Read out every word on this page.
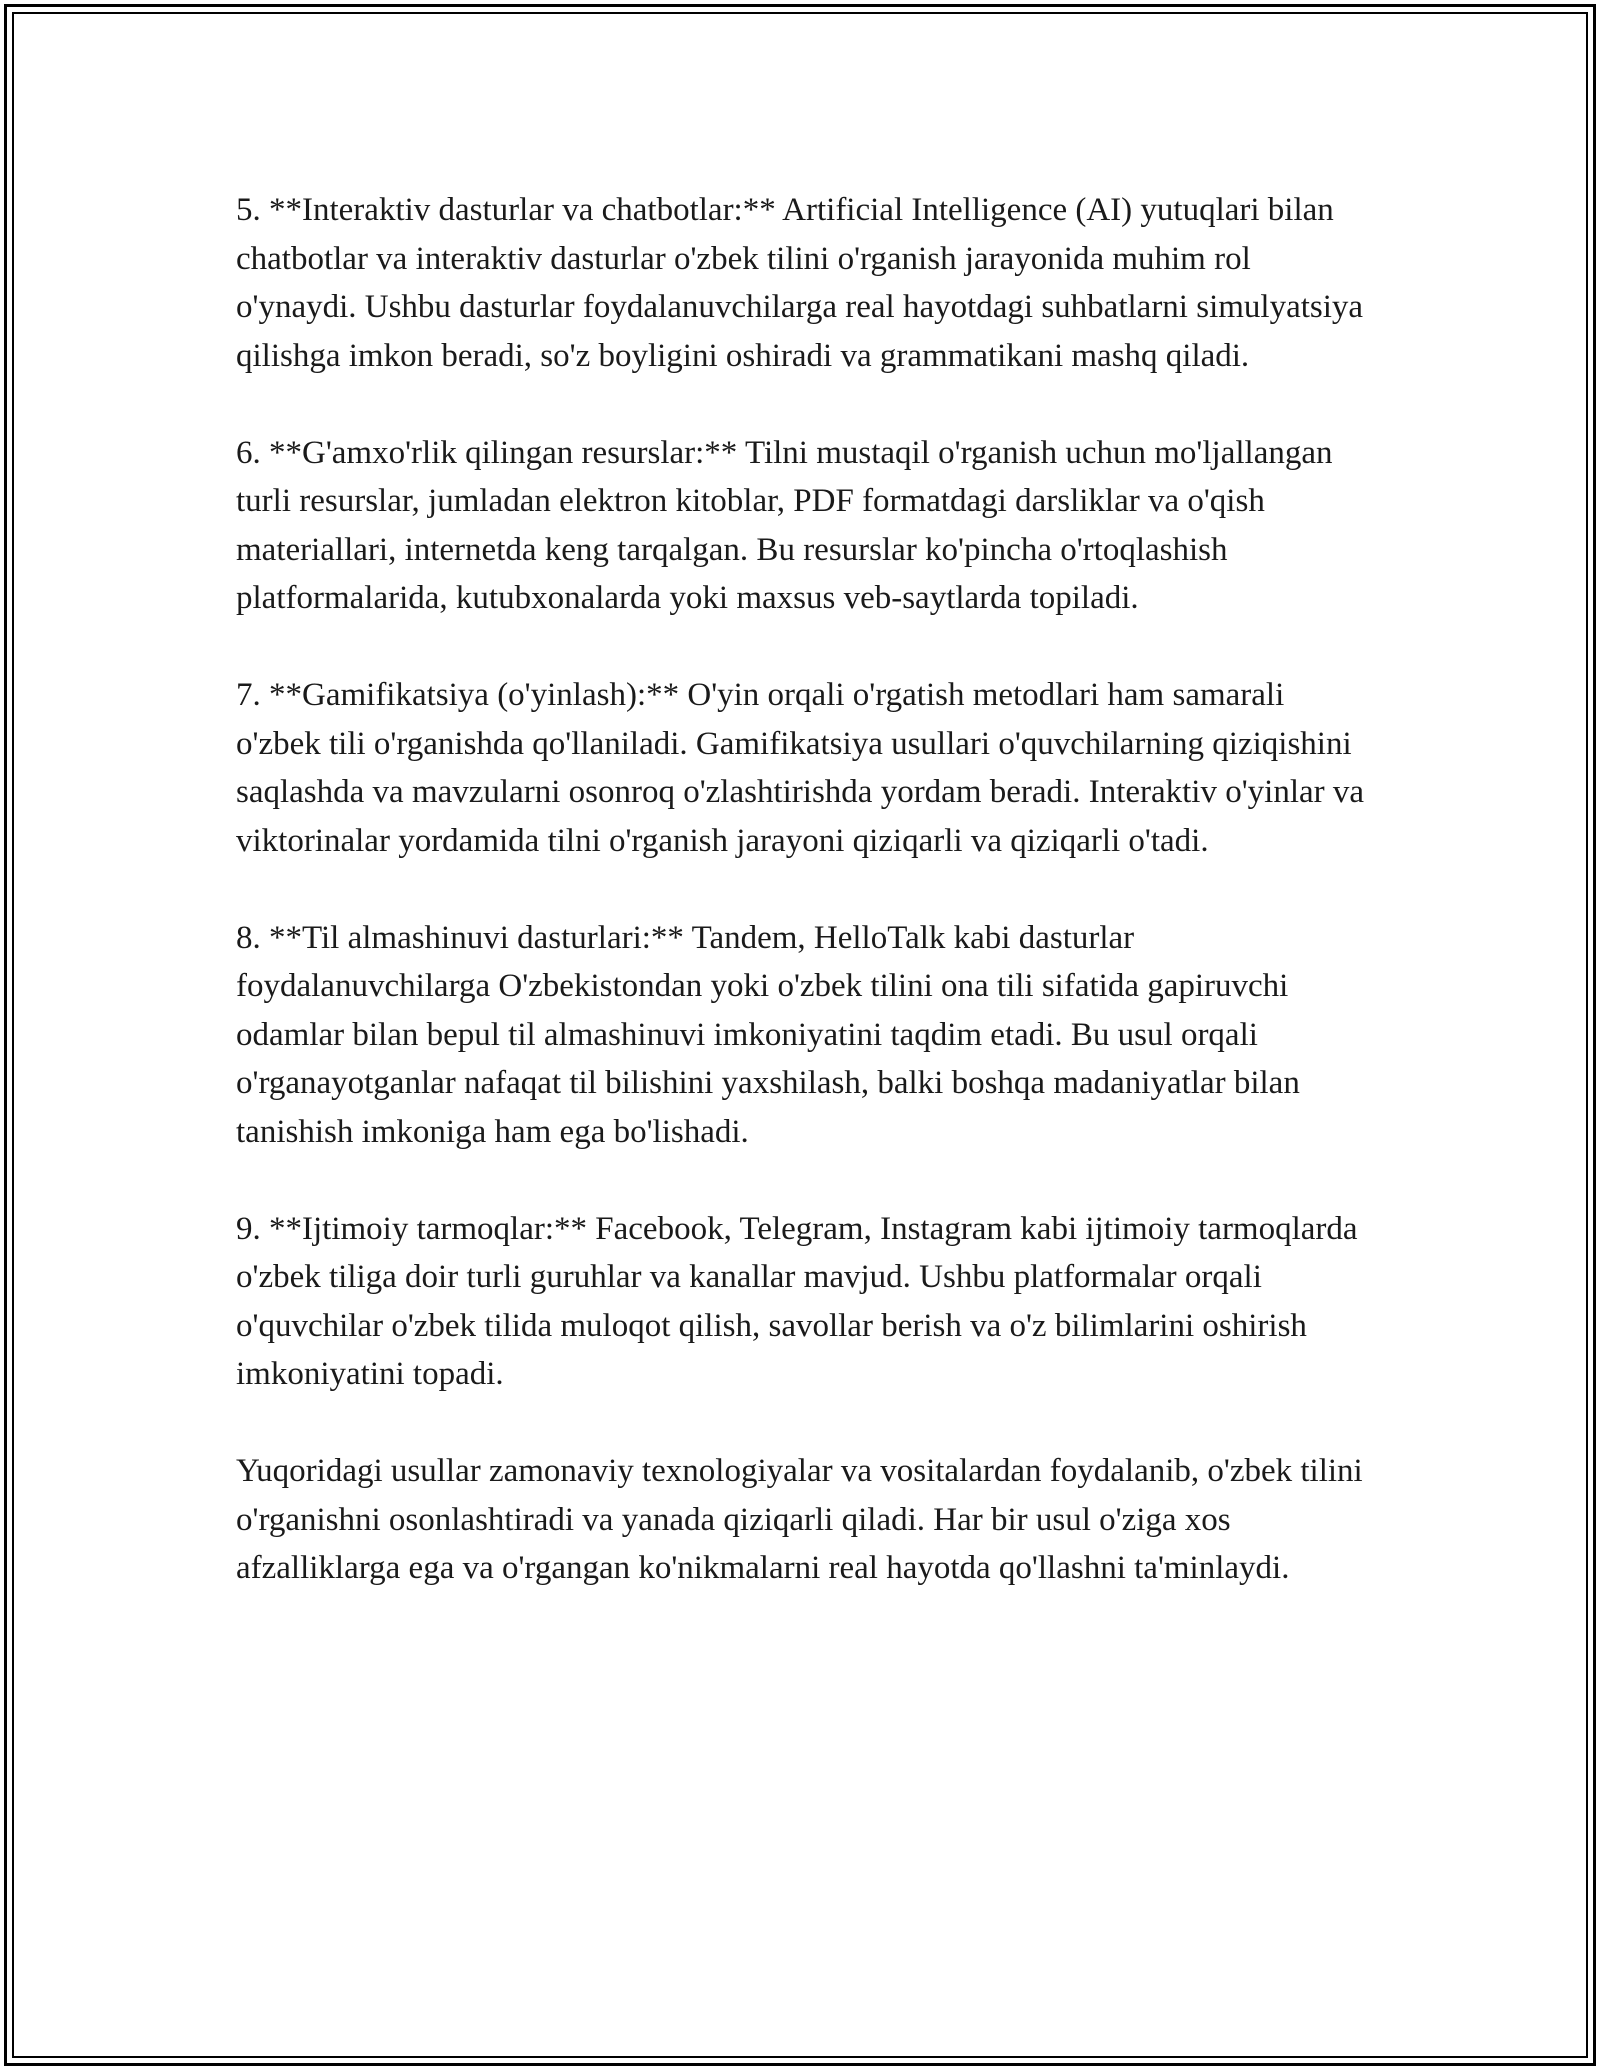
5. **Interaktiv dasturlar va chatbotlar:** Artificial Intelligence (AI) yutuqlari bilan chatbotlar va interaktiv dasturlar o'zbek tilini o'rganish jarayonida muhim rol o'ynaydi. Ushbu dasturlar foydalanuvchilarga real hayotdagi suhbatlarni simulyatsiya qilishga imkon beradi, so'z boyligini oshiradi va grammatikani mashq qiladi.

6. **G'amxo'rlik qilingan resurslar:** Tilni mustaqil o'rganish uchun mo'ljallangan turli resurslar, jumladan elektron kitoblar, PDF formatdagi darsliklar va o'qish materiallari, internetda keng tarqalgan. Bu resurslar ko'pincha o'rtoqlashish platformalarida, kutubxonalarda yoki maxsus veb-saytlarda topiladi.

7. **Gamifikatsiya (o'yinlash):** O'yin orqali o'rgatish metodlari ham samarali o'zbek tili o'rganishda qo'llaniladi. Gamifikatsiya usullari o'quvchilarning qiziqishini saqlashda va mavzularni osonroq o'zlashtirishda yordam beradi. Interaktiv o'yinlar va viktorinalar yordamida tilni o'rganish jarayoni qiziqarli va qiziqarli o'tadi.

8. **Til almashinuvi dasturlari:** Tandem, HelloTalk kabi dasturlar foydalanuvchilarga O'zbekistondan yoki o'zbek tilini ona tili sifatida gapiruvchi odamlar bilan bepul til almashinuvi imkoniyatini taqdim etadi. Bu usul orqali o'rganayotganlar nafaqat til bilishini yaxshilash, balki boshqa madaniyatlar bilan tanishish imkoniga ham ega bo'lishadi.

9. **Ijtimoiy tarmoqlar:** Facebook, Telegram, Instagram kabi ijtimoiy tarmoqlarda o'zbek tiliga doir turli guruhlar va kanallar mavjud. Ushbu platformalar orqali o'quvchilar o'zbek tilida muloqot qilish, savollar berish va o'z bilimlarini oshirish imkoniyatini topadi.

Yuqoridagi usullar zamonaviy texnologiyalar va vositalardan foydalanib, o'zbek tilini o'rganishni osonlashtiradi va yanada qiziqarli qiladi. Har bir usul o'ziga xos afzalliklarga ega va o'rgangan ko'nikmalarni real hayotda qo'llashni ta'minlaydi.
